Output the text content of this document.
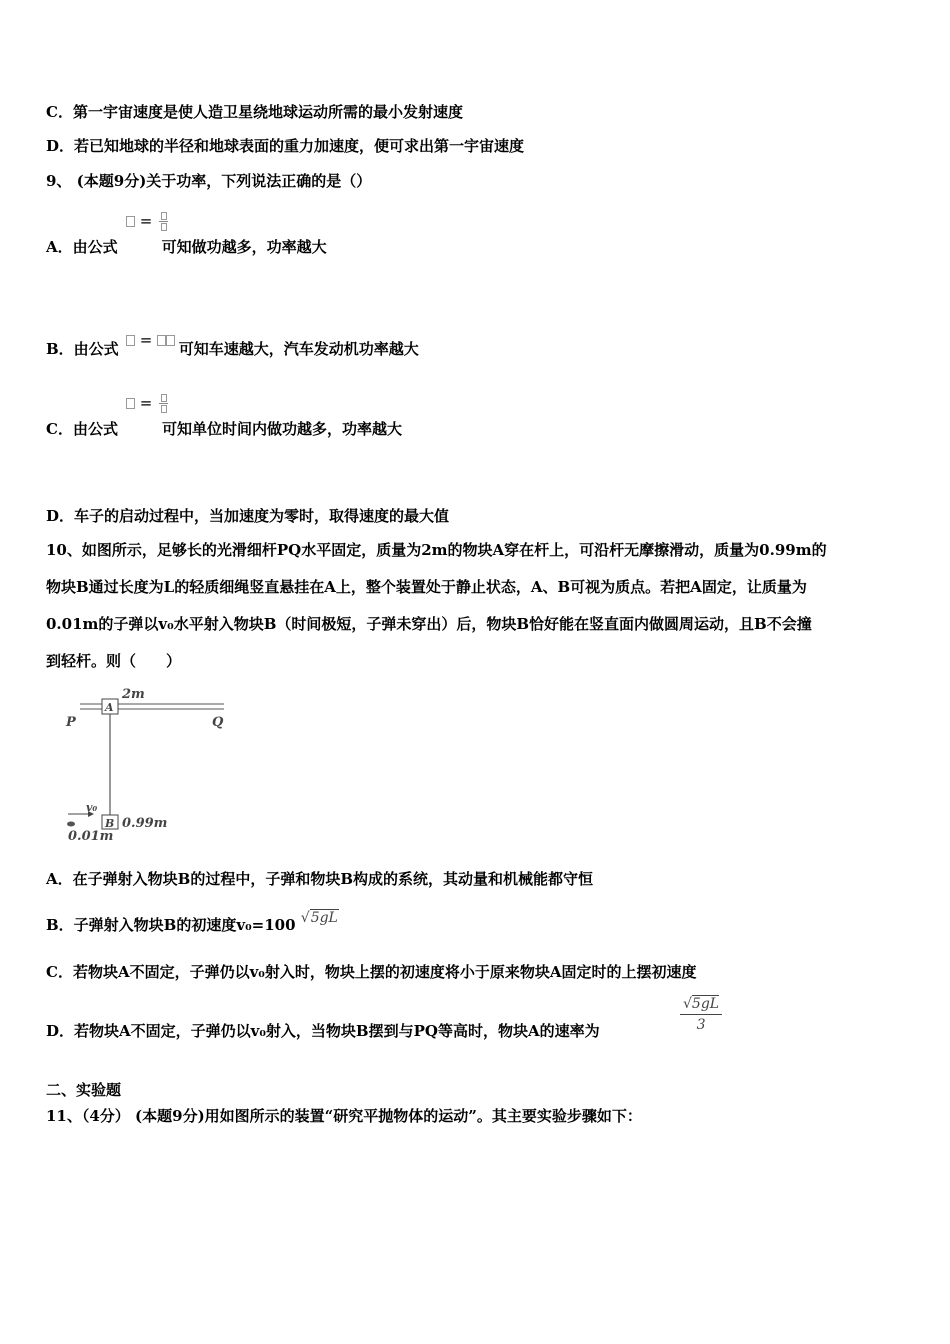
C．第一宇宙速度是使人造卫星绕地球运动所需的最小发射速度
D．若已知地球的半径和地球表面的重力加速度，便可求出第一宇宙速度
9、 (本题9分)关于功率，下列说法正确的是（）
A．由公式	可知做功越多，功率越大
=
B．由公式	可知车速越大，汽车发动机功率越大
=
C．由公式	可知单位时间内做功越多，功率越大
=
D．车子的启动过程中，当加速度为零时，取得速度的最大值
10、如图所示，足够长的光滑细杆PQ水平固定，质量为2m的物块A穿在杆上，可沿杆无摩擦滑动，质量为0.99m的
物块B通过长度为L的轻质细绳竖直悬挂在A上，整个装置处于静止状态，A、B可视为质点。若把A固定，让质量为
0.01m的子弹以v₀水平射入物块B（时间极短，子弹未穿出）后，物块B恰好能在竖直面内做圆周运动，且B不会撞
到轻杆。则（　　）
2m
P	Q
A
B
v₀
0.99m
0.01m
A．在子弹射入物块B的过程中，子弹和物块B构成的系统，其动量和机械能都守恒
B．子弹射入物块B的初速度v₀=100 √5gL
C．若物块A不固定，子弹仍以v₀射入时，物块上摆的初速度将小于原来物块A固定时的上摆初速度
D．若物块A不固定，子弹仍以v₀射入，当物块B摆到与PQ等高时，物块A的速率为
√5gL
3
二、实验题
11、（4分） (本题9分)用如图所示的装置“研究平抛物体的运动”。其主要实验步骤如下：
